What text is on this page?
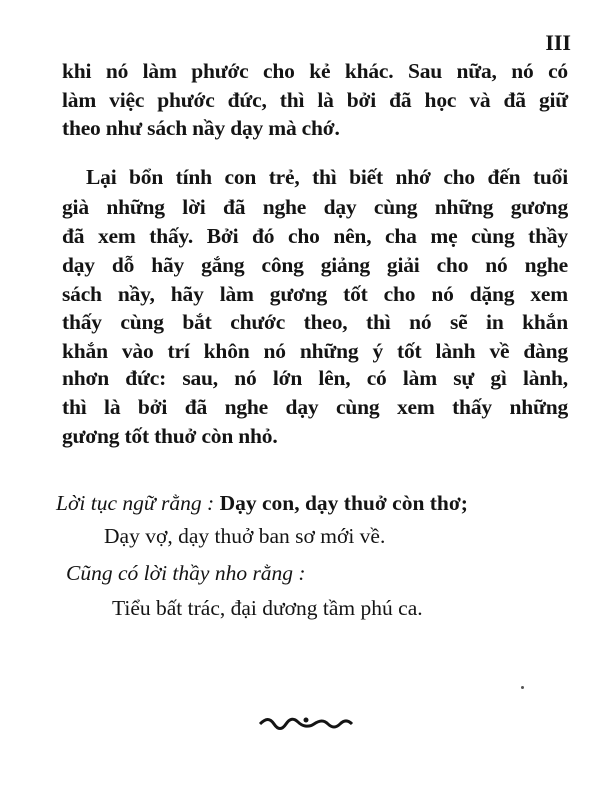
III
khi nó làm phước cho kẻ khác. Sau nữa, nó có
làm việc phước đức, thì là bởi đã học và đã giữ
theo như sách nầy dạy mà chớ.
Lại bổn tính con trẻ, thì biết nhớ cho đến tuổi
già những lời đã nghe dạy cùng những gương
đã xem thấy. Bởi đó cho nên, cha mẹ cùng thầy
dạy dỗ hãy gắng công giảng giải cho nó nghe
sách nầy, hãy làm gương tốt cho nó dặng xem
thấy cùng bắt chước theo, thì nó sẽ in khắn
khắn vào trí khôn nó những ý tốt lành về đàng
nhơn đức: sau, nó lớn lên, có làm sự gì lành,
thì là bởi đã nghe dạy cùng xem thấy những
gương tốt thuở còn nhỏ.
Lời tục ngữ rằng : Dạy con, dạy thuở còn thơ;
Dạy vợ, dạy thuở ban sơ mới về.
Cũng có lời thầy nho rằng :
Tiểu bất trác, đại dương tầm phú ca.
